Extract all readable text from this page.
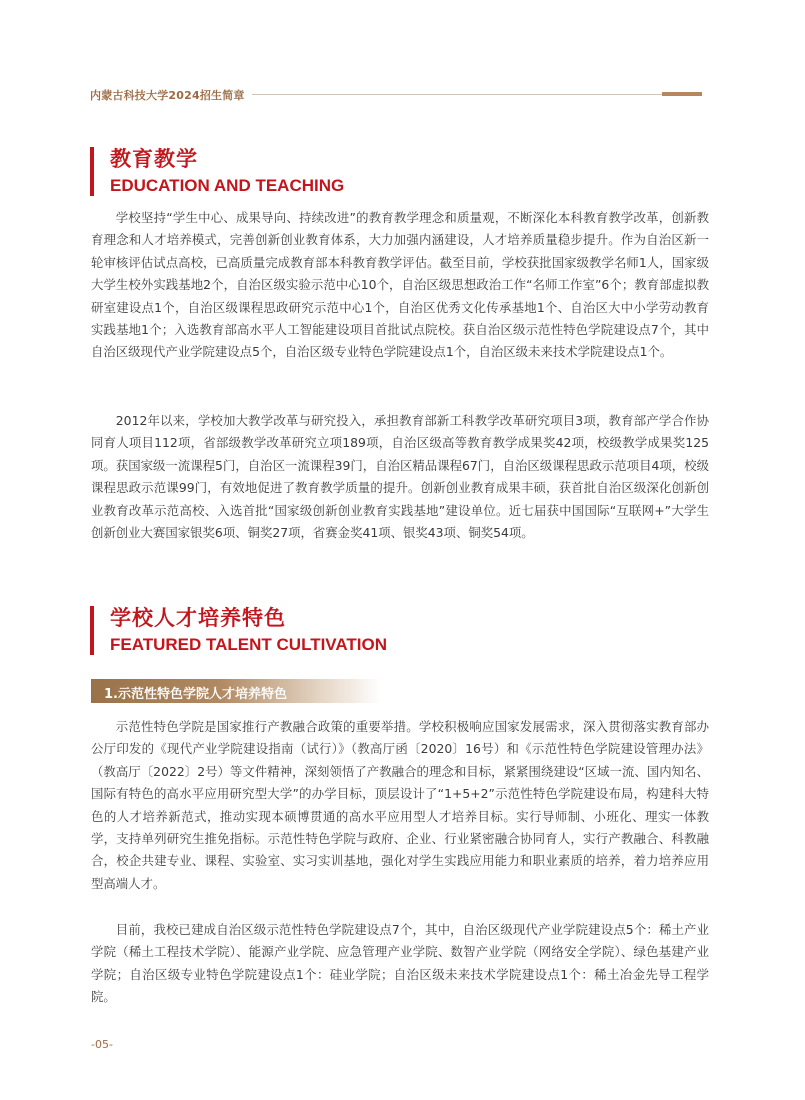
内蒙古科技大学2024招生简章
教育教学
EDUCATION AND TEACHING

学校坚持“学生中心、成果导向、持续改进”的教育教学理念和质量观，不断深化本科教育教学改革，创新教育理念和人才培养模式，完善创新创业教育体系，大力加强内涵建设，人才培养质量稳步提升。作为自治区新一轮审核评估试点高校，已高质量完成教育部本科教育教学评估。截至目前，学校获批国家级教学名师1人，国家级大学生校外实践基地2个，自治区级实验示范中心10个，自治区级思想政治工作“名师工作室”6个；教育部虚拟教研室建设点1个，自治区级课程思政研究示范中心1个，自治区优秀文化传承基地1个、自治区大中小学劳动教育实践基地1个；入选教育部高水平人工智能建设项目首批试点院校。获自治区级示范性特色学院建设点7个，其中自治区级现代产业学院建设点5个，自治区级专业特色学院建设点1个，自治区级未来技术学院建设点1个。

2012年以来，学校加大教学改革与研究投入，承担教育部新工科教学改革研究项目3项，教育部产学合作协同育人项目112项，省部级教学改革研究立项189项，自治区级高等教育教学成果奖42项，校级教学成果奖125项。获国家级一流课程5门，自治区一流课程39门，自治区精品课程67门，自治区级课程思政示范项目4项，校级课程思政示范课99门，有效地促进了教育教学质量的提升。创新创业教育成果丰硕，获首批自治区级深化创新创业教育改革示范高校、入选首批“国家级创新创业教育实践基地”建设单位。近七届获中国国际“互联网+”大学生创新创业大赛国家银奖6项、铜奖27项，省赛金奖41项、银奖43项、铜奖54项。

学校人才培养特色
FEATURED TALENT CULTIVATION
1.示范性特色学院人才培养特色

示范性特色学院是国家推行产教融合政策的重要举措。学校积极响应国家发展需求，深入贯彻落实教育部办公厅印发的《现代产业学院建设指南（试行）》（教高厅函〔2020〕16号）和《示范性特色学院建设管理办法》（教高厅〔2022〕2号）等文件精神，深刻领悟了产教融合的理念和目标，紧紧围绕建设“区域一流、国内知名、国际有特色的高水平应用研究型大学”的办学目标，顶层设计了“1+5+2”示范性特色学院建设布局，构建科大特色的人才培养新范式，推动实现本硕博贯通的高水平应用型人才培养目标。实行导师制、小班化、理实一体教学，支持单列研究生推免指标。示范性特色学院与政府、企业、行业紧密融合协同育人，实行产教融合、科教融合，校企共建专业、课程、实验室、实习实训基地，强化对学生实践应用能力和职业素质的培养，着力培养应用型高端人才。

目前，我校已建成自治区级示范性特色学院建设点7个，其中，自治区级现代产业学院建设点5个：稀土产业学院（稀土工程技术学院）、能源产业学院、应急管理产业学院、数智产业学院（网络安全学院）、绿色基建产业学院；自治区级专业特色学院建设点1个：硅业学院；自治区级未来技术学院建设点1个：稀土冶金先导工程学院。

-05-
